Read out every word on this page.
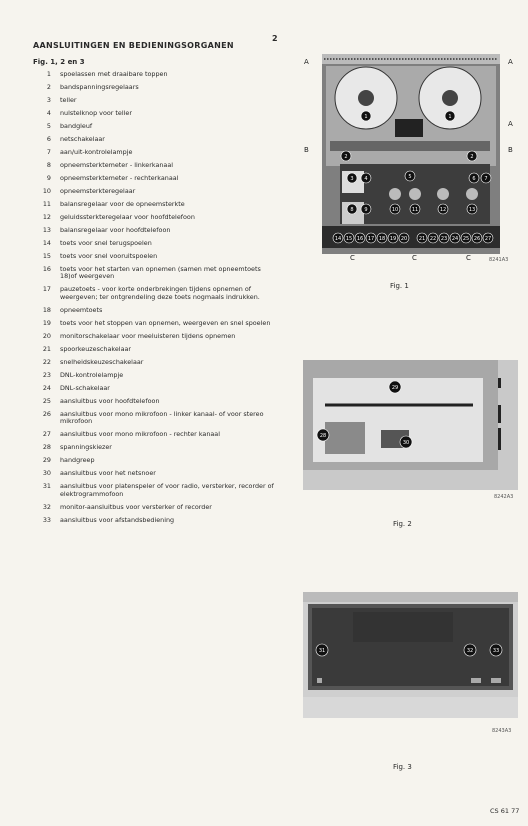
2
AANSLUITINGEN EN BEDIENINGSORGANEN
Fig. 1, 2 en 3
1	spoelassen met draaibare toppen
2	bandspanningsregelaars
3	teller
4	nulstelknop voor teller
5	bandgleuf
6	netschakelaar
7	aan/uit-kontrolelampje
8	opneemsterktemeter - linkerkanaal
9	opneemsterktemeter - rechterkanaal
10	opneemsterkteregelaar
11	balansregelaar voor de opneemsterkte
12	geluidssterkteregelaar voor hoofdtelefoon
13	balansregelaar voor hoofdtelefoon
14	toets voor snel terugspoelen
15	toets voor snel vooruitspoelen
16	toets voor het starten van opnemen (samen met opneemtoets 18)of weergeven
17	pauzetoets - voor korte onderbrekingen tijdens opnemen of weergeven; ter ontgrendeling deze toets nogmaals indrukken.
18	opneemtoets
19	toets voor het stoppen van opnemen, weergeven en snel spoelen
20	monitorschakelaar voor meeluisteren tijdens opnemen
21	spoorkeuzeschakelaar
22	snelheidskeuzeschakelaar
23	DNL-kontrolelampje
24	DNL-schakelaar
25	aansluitbus voor hoofdtelefoon
26	aansluitbus voor mono mikrofoon - linker kanaal- of voor stereo mikrofoon
27	aansluitbus voor mono mikrofoon - rechter kanaal
28	spanningskiezer
29	handgreep
30	aansluitbus voor het netsnoer
31	aansluitbus voor platenspeler of voor radio, versterker, recorder of elektrogrammofoon
32	monitor-aansluitbus voor versterker of recorder
33	aansluitbus voor afstandsbediening
1	1
2	2
3 4	5	6 7
8 9	10	11	12	13
14 15 16 17 18 19 20 21 22 23 24 25 26 27
A	A
A
B	B
C	C	C
Fig. 1
8241A3
29
28
30
Fig. 2
8242A3
31	32	33
8243A3
Fig. 3
CS 61 77
